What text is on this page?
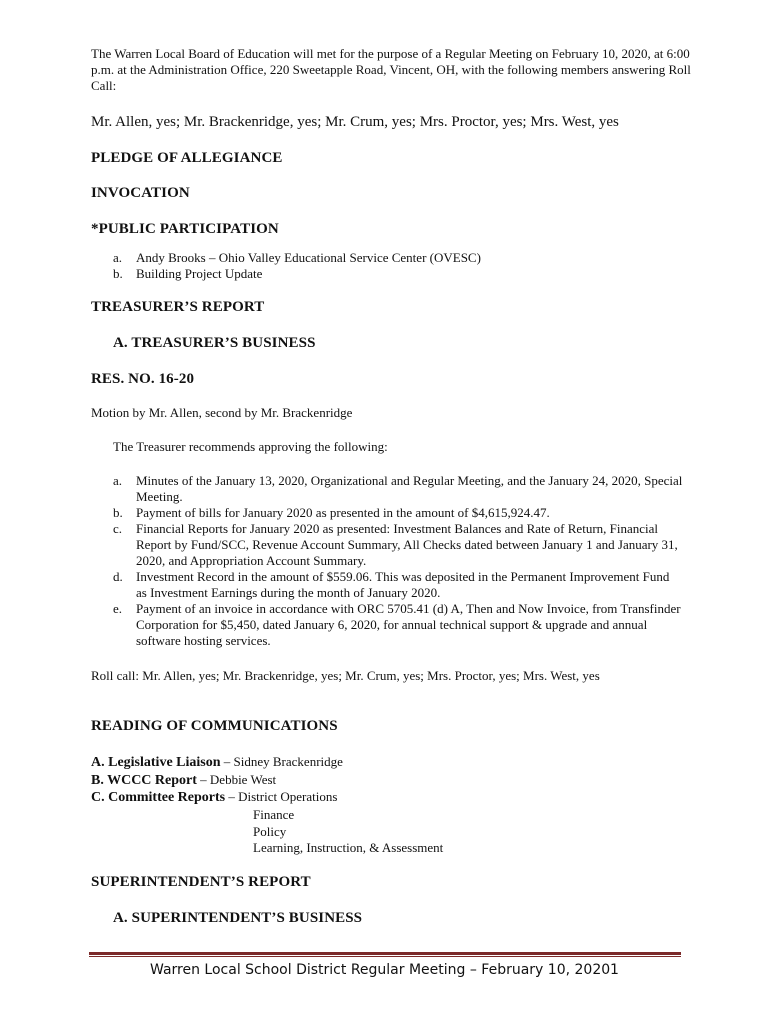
The Warren Local Board of Education will met for the purpose of a Regular Meeting on February 10, 2020, at 6:00 p.m. at the Administration Office, 220 Sweetapple Road, Vincent, OH, with the following members answering Roll Call:
Mr. Allen, yes; Mr. Brackenridge, yes; Mr. Crum, yes; Mrs. Proctor, yes; Mrs. West, yes
PLEDGE OF ALLEGIANCE
INVOCATION
*PUBLIC PARTICIPATION
a.	Andy Brooks – Ohio Valley Educational Service Center (OVESC)
b.	Building Project Update
TREASURER’S REPORT
A. TREASURER’S BUSINESS
RES. NO. 16-20
Motion by Mr. Allen, second by Mr. Brackenridge
The Treasurer recommends approving the following:
a.	Minutes of the January 13, 2020, Organizational and Regular Meeting, and the January 24, 2020, Special Meeting.
b.	Payment of bills for January 2020 as presented in the amount of $4,615,924.47.
c.	Financial Reports for January 2020 as presented: Investment Balances and Rate of Return, Financial Report by Fund/SCC, Revenue Account Summary, All Checks dated between January 1 and January 31, 2020, and Appropriation Account Summary.
d.	Investment Record in the amount of $559.06. This was deposited in the Permanent Improvement Fund as Investment Earnings during the month of January 2020.
e.	Payment of an invoice in accordance with ORC 5705.41 (d) A, Then and Now Invoice, from Transfinder Corporation for $5,450, dated January 6, 2020, for annual technical support & upgrade and annual software hosting services.
Roll call: Mr. Allen, yes; Mr. Brackenridge, yes; Mr. Crum, yes; Mrs. Proctor, yes; Mrs. West, yes
READING OF COMMUNICATIONS
A. Legislative Liaison – Sidney Brackenridge
B. WCCC Report – Debbie West
C. Committee Reports – District Operations
Finance
Policy
Learning, Instruction, & Assessment
SUPERINTENDENT’S REPORT
A. SUPERINTENDENT’S BUSINESS
Warren Local School District Regular Meeting – February 10, 2020 1
